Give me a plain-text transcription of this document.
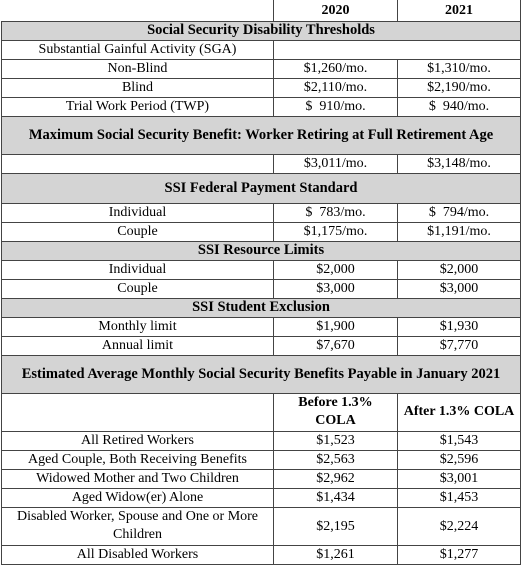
	2020	2021
Social Security Disability Thresholds		
Substantial Gainful Activity (SGA)		
Non-Blind	$1,260/mo.	$1,310/mo.
Blind	$2,110/mo.	$2,190/mo.
Trial Work Period (TWP)	$  910/mo.	$  940/mo.
Maximum Social Security Benefit: Worker Retiring at Full Retirement Age		
	$3,011/mo.	$3,148/mo.
SSI Federal Payment Standard		
Individual	$  783/mo.	$  794/mo.
Couple	$1,175/mo.	$1,191/mo.
SSI Resource Limits		
Individual	$2,000	$2,000
Couple	$3,000	$3,000
SSI Student Exclusion		
Monthly limit	$1,900	$1,930
Annual limit	$7,670	$7,770
Estimated Average Monthly Social Security Benefits Payable in January 2021		
	Before 1.3% COLA	After 1.3% COLA
All Retired Workers	$1,523	$1,543
Aged Couple, Both Receiving Benefits	$2,563	$2,596
Widowed Mother and Two Children	$2,962	$3,001
Aged Widow(er) Alone	$1,434	$1,453
Disabled Worker, Spouse and One or More Children	$2,195	$2,224
All Disabled Workers	$1,261	$1,277
